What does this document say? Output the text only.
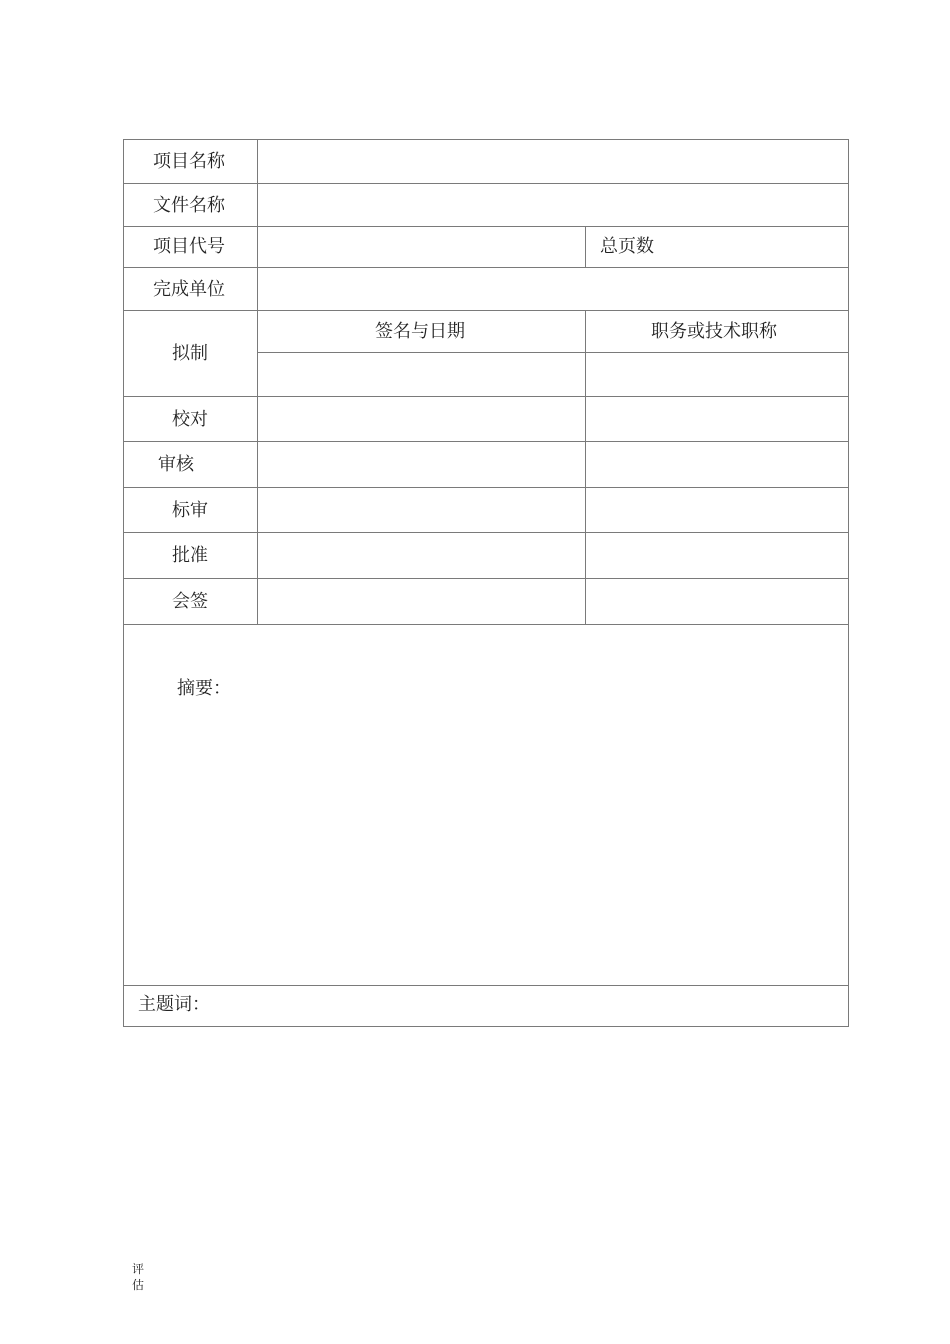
项目名称
文件名称
项目代号	总页数
完成单位
拟制
签名与日期	职务或技术职称
校对
审核
标审
批准
会签
摘要：
主题词：
评
估
